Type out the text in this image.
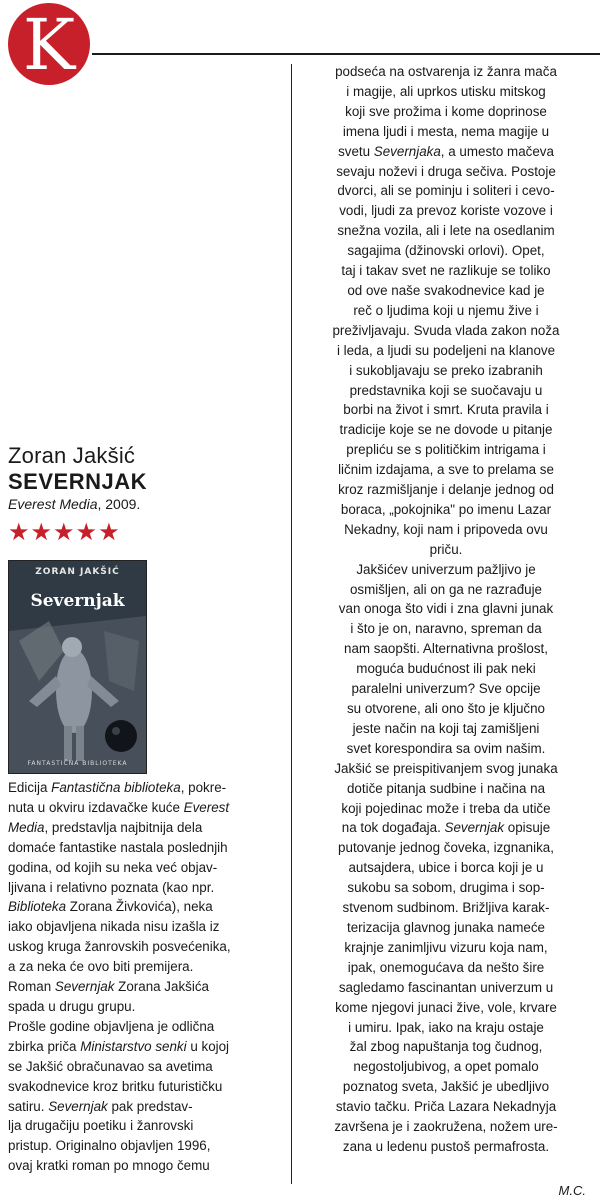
K
Zoran Jakšić
SEVERNJAK
Everest Media, 2009.
★★★★★
ZORAN JAKŠIĆ
Severnjak
FANTASTIČNA BIBLIOTEKA

Edicija Fantastična biblioteka, pokre-

nuta u okviru izdavačke kuće Everest

Media, predstavlja najbitnija dela

domaće fantastike nastala poslednjih

godina, od kojih su neka već objav-

ljivana i relativno poznata (kao npr.

Biblioteka Zorana Živkovića), neka

iako objavljena nikada nisu izašla iz

uskog kruga žanrovskih posvećenika,

a za neka će ovo biti premijera.

Roman Severnjak Zorana Jakšića

spada u drugu grupu.

Prošle godine objavljena je odlična

zbirka priča Ministarstvo senki u kojoj

se Jakšić obračunavao sa avetima

svakodnevice kroz britku futurističku

satiru. Severnjak pak predstav-

lja drugačiju poetiku i žanrovski

pristup. Originalno objavljen 1996,

ovaj kratki roman po mnogo čemu

podseća na ostvarenja iz žanra mača

i magije, ali uprkos utisku mitskog

koji sve prožima i kome doprinose

imena ljudi i mesta, nema magije u

svetu Severnjaka, a umesto mačeva

sevaju noževi i druga sečiva. Postoje

dvorci, ali se pominju i soliteri i cevo-

vodi, ljudi za prevoz koriste vozove i

snežna vozila, ali i lete na osedlanim

sagajima (džinovski orlovi). Opet,

taj i takav svet ne razlikuje se toliko

od ove naše svakodnevice kad je

reč o ljudima koji u njemu žive i

preživljavaju. Svuda vlada zakon noža

i leda, a ljudi su podeljeni na klanove

i sukobljavaju se preko izabranih

predstavnika koji se suočavaju u

borbi na život i smrt. Kruta pravila i

tradicije koje se ne dovode u pitanje

prepliću se s političkim intrigama i

ličnim izdajama, a sve to prelama se

kroz razmišljanje i delanje jednog od

boraca, „pokojnika" po imenu Lazar

Nekadny, koji nam i pripoveda ovu

priču.

Jakšićev univerzum pažljivo je

osmišljen, ali on ga ne razrađuje

van onoga što vidi i zna glavni junak

i što je on, naravno, spreman da

nam saopšti. Alternativna prošlost,

moguća budućnost ili pak neki

paralelni univerzum? Sve opcije

su otvorene, ali ono što je ključno

jeste način na koji taj zamišljeni

svet korespondira sa ovim našim.

Jakšić se preispitivanjem svog junaka

dotiče pitanja sudbine i načina na

koji pojedinac može i treba da utiče

na tok događaja. Severnjak opisuje

putovanje jednog čoveka, izgnanika,

autsajdera, ubice i borca koji je u

sukobu sa sobom, drugima i sop-

stvenom sudbinom. Brižljiva karak-

terizacija glavnog junaka nameće

krajnje zanimljivu vizuru koja nam,

ipak, onemogućava da nešto šire

sagledamo fascinantan univerzum u

kome njegovi junaci žive, vole, krvare

i umiru. Ipak, iako na kraju ostaje

žal zbog napuštanja tog čudnog,

negostoljubivog, a opet pomalo

poznatog sveta, Jakšić je ubedljivo

stavio tačku. Priča Lazara Nekadnyja

završena je i zaokružena, nožem ure-

zana u ledenu pustoš permafrosta.

M.C.
